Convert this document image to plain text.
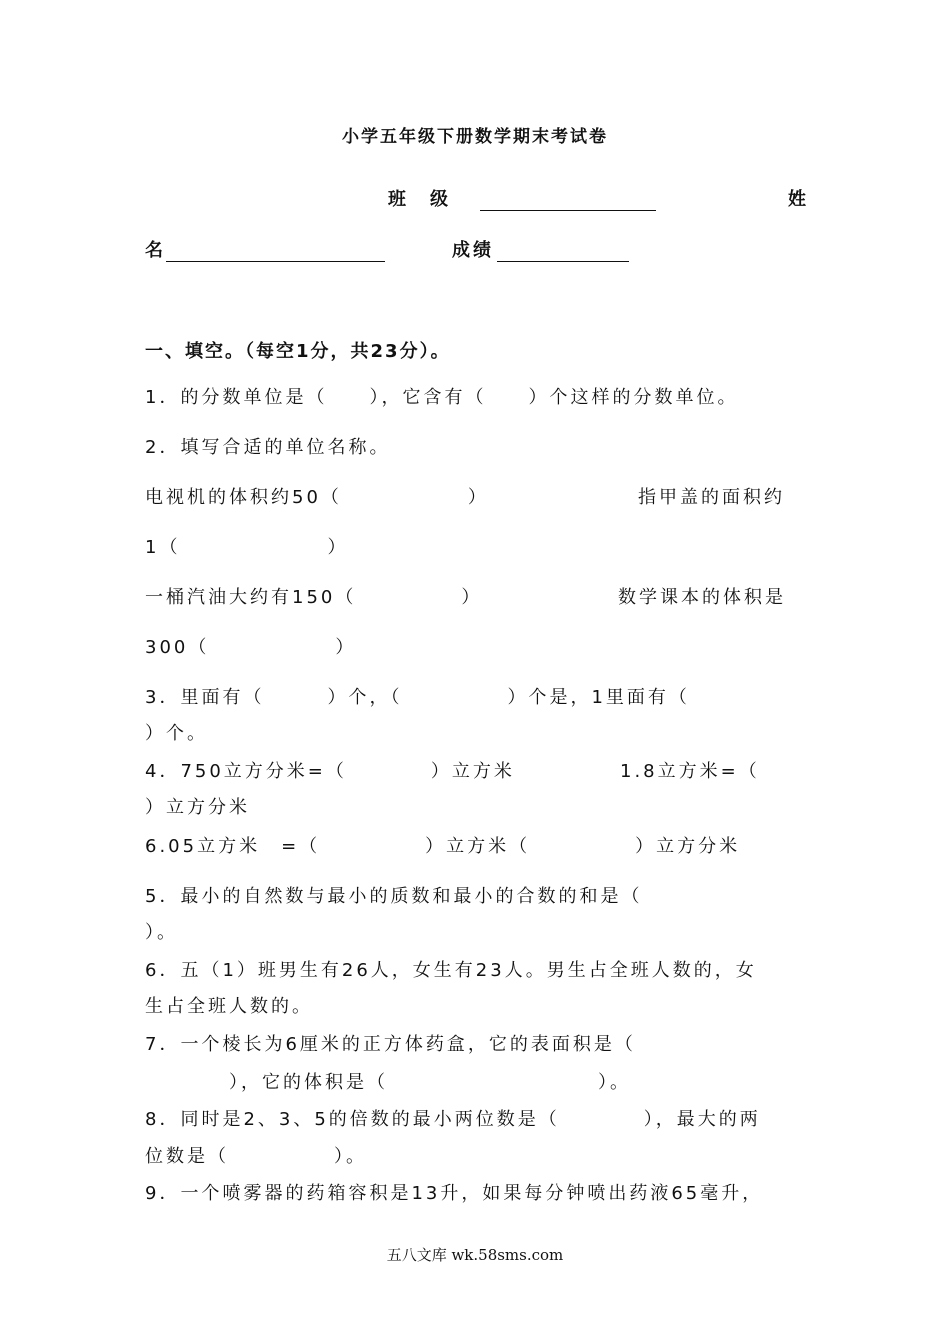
小学五年级下册数学期末考试卷
班　级	姓
名	成绩
一、填空。（每空1分，共23分）。
1．的分数单位是（　　），它含有（　　）个这样的分数单位。
2．填写合适的单位名称。
电视机的体积约50（　　　　　　）	指甲盖的面积约
1（　　　　　　　）
一桶汽油大约有150（　　　　　）	数学课本的体积是
300（　　　　　　）
3．里面有（　　　）个，（　　　　　）个是，1里面有（
）个。
4．750立方分米=（　　　　）立方米	1.8立方米=（
）立方分米
6.05立方米　=（　　　　　）立方米（　　　　　）立方分米
5．最小的自然数与最小的质数和最小的合数的和是（
）。
6．五（1）班男生有26人，女生有23人。男生占全班人数的，女
生占全班人数的。
7．一个棱长为6厘米的正方体药盒，它的表面积是（
　　　　），它的体积是（　　　　　　　　　　）。
8．同时是2、3、5的倍数的最小两位数是（　　　　），最大的两
位数是（　　　　　）。
9．一个喷雾器的药箱容积是13升，如果每分钟喷出药液65毫升，
五八文库 wk.58sms.com
